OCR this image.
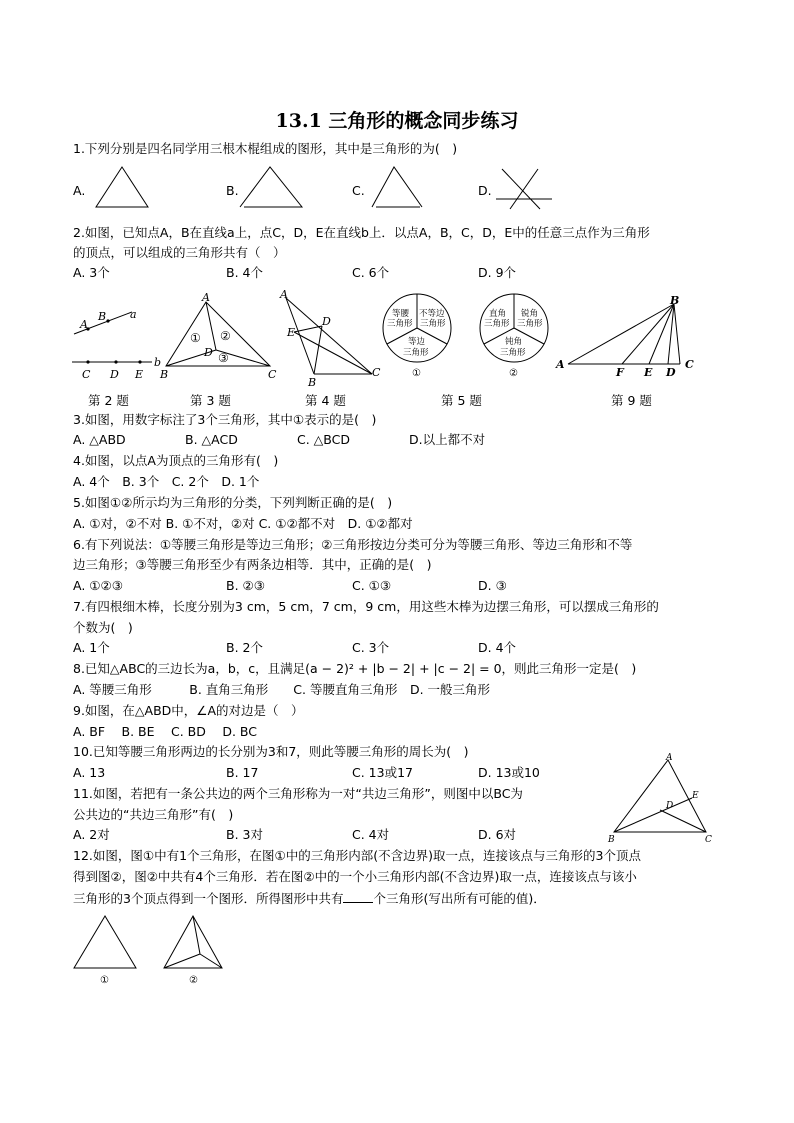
13.1 三角形的概念同步练习
1.下列分别是四名同学用三根木棍组成的图形，其中是三角形的为(　)
A.	B.	C.	D.
2.如图，已知点A，B在直线a上，点C，D，E在直线b上．以点A，B，C，D，E中的任意三点作为三角形
的顶点，可以组成的三角形共有（　）
A. 3个	B. 4个	C. 6个	D. 9个
A
B a
C D E
b
A
B	C
D
① ②
③
A
B
C
D
E
等腰
三角形
不等边
三角形
等边
三角形
①
直角
三角形
锐角
三角形
钝角
三角形
②
B
A
F E D
C
第 2 题	第 3 题	第 4 题	第 5 题	第 9 题
3.如图，用数字标注了3个三角形，其中①表示的是(　)
A. △ABD	B. △ACD	C. △BCD	D.以上都不对
4.如图，以点A为顶点的三角形有(　)
A. 4个　B. 3个　C. 2个　D. 1个
5.如图①②所示均为三角形的分类，下列判断正确的是(　)
A. ①对，②不对 B. ①不对，②对 C. ①②都不对　D. ①②都对
6.有下列说法：①等腰三角形是等边三角形；②三角形按边分类可分为等腰三角形、等边三角形和不等
边三角形；③等腰三角形至少有两条边相等．其中，正确的是(　)
A. ①②③	B. ②③	C. ①③	D. ③
7.有四根细木棒，长度分别为3 cm，5 cm，7 cm，9 cm，用这些木棒为边摆三角形，可以摆成三角形的
个数为(　)
A. 1个	B. 2个	C. 3个	D. 4个
8.已知△ABC的三边长为a，b，c，且满足(a − 2)² + |b − 2| + |c − 2| = 0，则此三角形一定是(　)
A. 等腰三角形　　　B. 直角三角形　　C. 等腰直角三角形　D. 一般三角形
9.如图，在△ABD中，∠A的对边是（　）
A. BF　 B. BE　 C. BD　 D. BC
10.已知等腰三角形两边的长分别为3和7，则此等腰三角形的周长为(　)
A. 13	B. 17	C. 13或17	D. 13或10
11.如图，若把有一条公共边的两个三角形称为一对“共边三角形”，则图中以BC为
公共边的“共边三角形”有(　)
A. 2对	B. 3对	C. 4对	D. 6对
A
B	C
D
E
12.如图，图①中有1个三角形，在图①中的三角形内部(不含边界)取一点，连接该点与三角形的3个顶点
得到图②，图②中共有4个三角形．若在图②中的一个小三角形内部(不含边界)取一点，连接该点与该小
三角形的3个顶点得到一个图形．所得图形中共有 个三角形(写出所有可能的值)．
①	②
